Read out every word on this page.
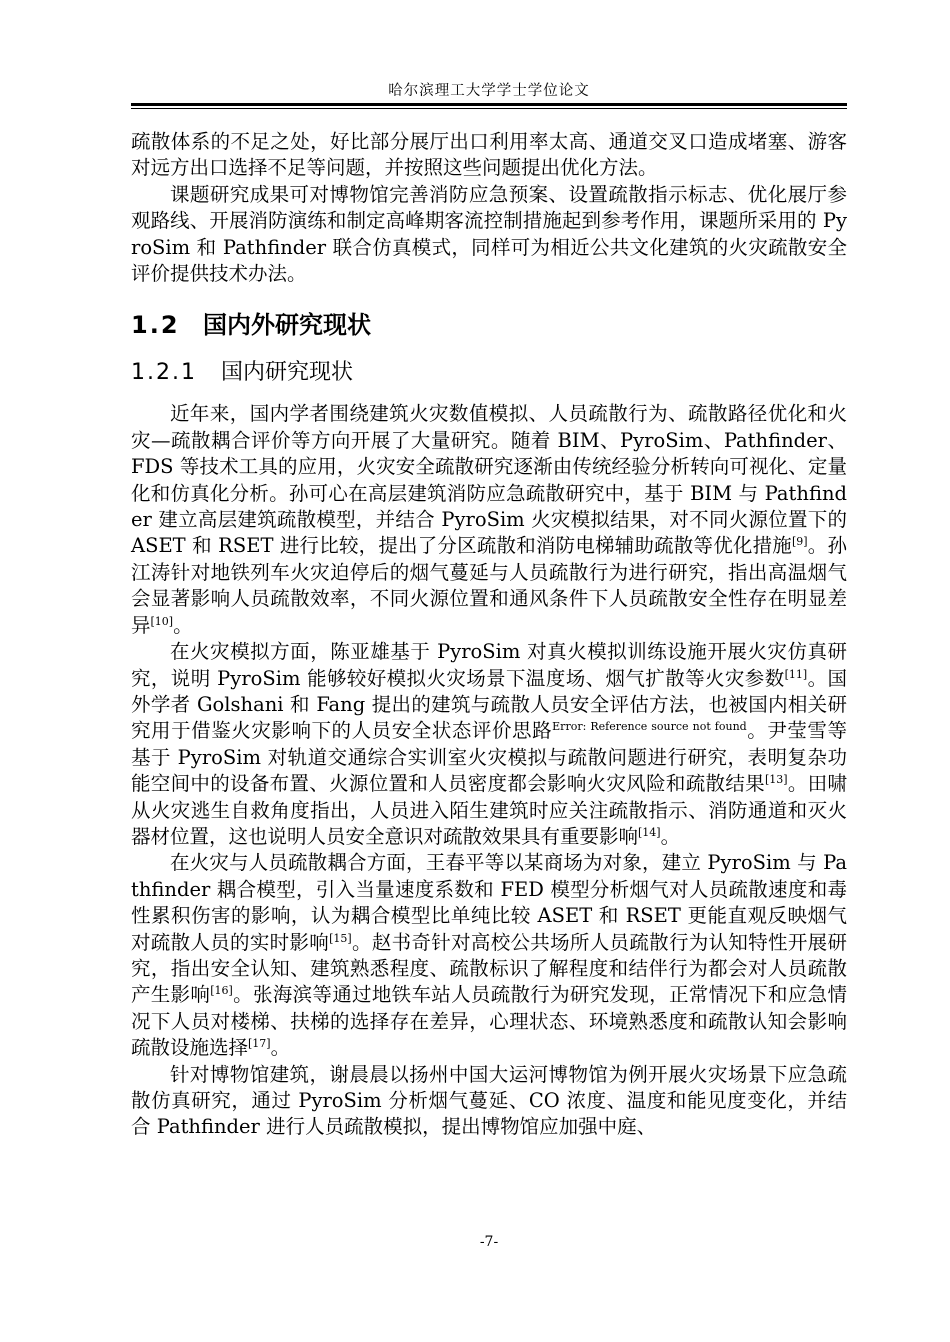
哈尔滨理工大学学士学位论文

疏散体系的不足之处，好比部分展厅出口利用率太高、通道交叉口造成堵塞、游客对远方出口选择不足等问题，并按照这些问题提出优化方法。

课题研究成果可对博物馆完善消防应急预案、设置疏散指示标志、优化展厅参观路线、开展消防演练和制定高峰期客流控制措施起到参考作用，课题所采用的 PyroSim 和 Pathfinder 联合仿真模式，同样可为相近公共文化建筑的火灾疏散安全评价提供技术办法。

1.2 国内外研究现状
1.2.1 国内研究现状

近年来，国内学者围绕建筑火灾数值模拟、人员疏散行为、疏散路径优化和火灾—疏散耦合评价等方向开展了大量研究。随着 BIM、PyroSim、Pathfinder、FDS 等技术工具的应用，火灾安全疏散研究逐渐由传统经验分析转向可视化、定量化和仿真化分析。孙可心在高层建筑消防应急疏散研究中，基于 BIM 与 Pathfinder 建立高层建筑疏散模型，并结合 PyroSim 火灾模拟结果，对不同火源位置下的 ASET 和 RSET 进行比较，提出了分区疏散和消防电梯辅助疏散等优化措施[9]。孙江涛针对地铁列车火灾迫停后的烟气蔓延与人员疏散行为进行研究，指出高温烟气会显著影响人员疏散效率，不同火源位置和通风条件下人员疏散安全性存在明显差异[10]。

在火灾模拟方面，陈亚雄基于 PyroSim 对真火模拟训练设施开展火灾仿真研究，说明 PyroSim 能够较好模拟火灾场景下温度场、烟气扩散等火灾参数[11]。国外学者 Golshani 和 Fang 提出的建筑与疏散人员安全评估方法，也被国内相关研究用于借鉴火灾影响下的人员安全状态评价思路$^{Error: Reference source not found}$。尹莹雪等基于 PyroSim 对轨道交通综合实训室火灾模拟与疏散问题进行研究，表明复杂功能空间中的设备布置、火源位置和人员密度都会影响火灾风险和疏散结果[13]。田啸从火灾逃生自救角度指出，人员进入陌生建筑时应关注疏散指示、消防通道和灭火器材位置，这也说明人员安全意识对疏散效果具有重要影响[14]。

在火灾与人员疏散耦合方面，王春平等以某商场为对象，建立 PyroSim 与 Pathfinder 耦合模型，引入当量速度系数和 FED 模型分析烟气对人员疏散速度和毒性累积伤害的影响，认为耦合模型比单纯比较 ASET 和 RSET 更能直观反映烟气对疏散人员的实时影响[15]。赵书奇针对高校公共场所人员疏散行为认知特性开展研究，指出安全认知、建筑熟悉程度、疏散标识了解程度和结伴行为都会对人员疏散产生影响[16]。张海滨等通过地铁车站人员疏散行为研究发现，正常情况下和应急情况下人员对楼梯、扶梯的选择存在差异，心理状态、环境熟悉度和疏散认知会影响疏散设施选择[17]。

针对博物馆建筑，谢晨晨以扬州中国大运河博物馆为例开展火灾场景下应急疏散仿真研究，通过 PyroSim 分析烟气蔓延、CO 浓度、温度和能见度变化，并结合 Pathfinder 进行人员疏散模拟，提出博物馆应加强中庭、

-7-
